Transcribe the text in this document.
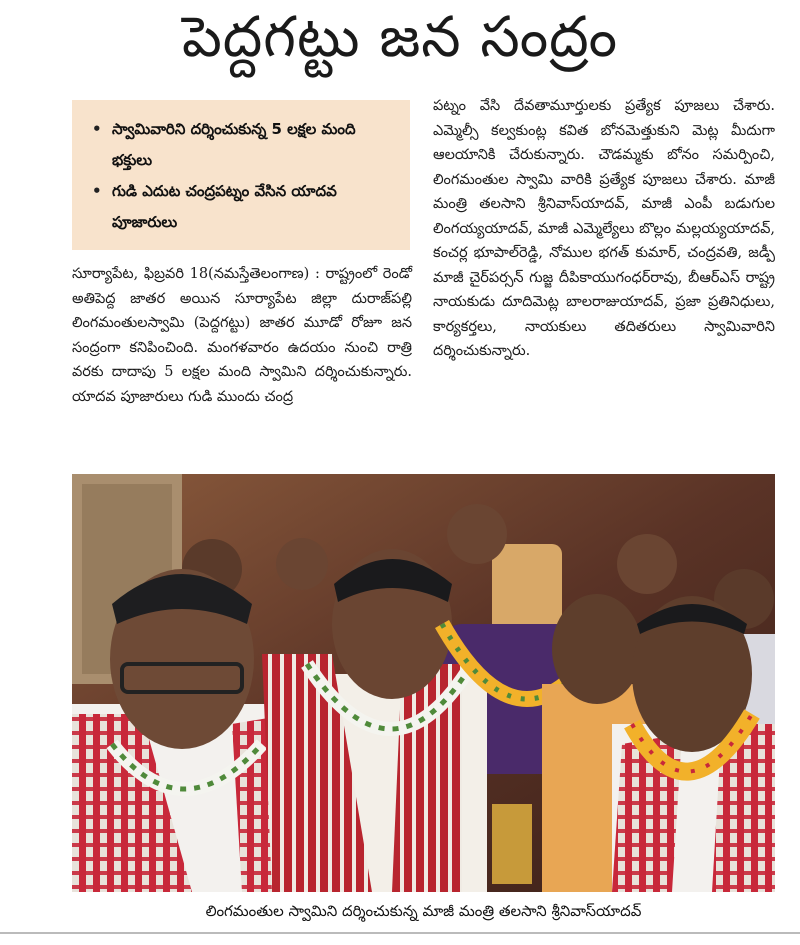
పెద్దగట్టు జన సంద్రం
• స్వామివారిని దర్శించుకున్న 5 లక్షల మంది భక్తులు
• గుడి ఎదుట చంద్రపట్నం వేసిన యాదవ పూజారులు
సూర్యాపేట, ఫిబ్రవరి 18(నమస్తేతెలంగాణ) : రాష్ట్రంలో రెండో అతిపెద్ద జాతర అయిన సూర్యాపేట జిల్లా దురాజ్‌పల్లి లింగమంతులస్వామి (పెద్దగట్టు) జాతర మూడో రోజూ జన సంద్రంగా కనిపించింది. మంగళవారం ఉదయం నుంచి రాత్రి వరకు దాదాపు 5 లక్షల మంది స్వామిని దర్శించుకున్నారు. యాదవ పూజారులు గుడి ముందు చంద్ర
పట్నం వేసి దేవతామూర్తులకు ప్రత్యేక పూజలు చేశారు. ఎమ్మెల్సీ కల్వకుంట్ల కవిత బోనమెత్తుకుని మెట్ల మీదుగా ఆలయానికి చేరుకున్నారు. చౌడమ్మకు బోనం సమర్పించి, లింగమంతుల స్వామి వారికి ప్రత్యేక పూజలు చేశారు. మాజీ మంత్రి తలసాని శ్రీనివాస్‌యాదవ్, మాజీ ఎంపీ బడుగుల లింగయ్యయాదవ్, మాజీ ఎమ్మెల్యేలు బొల్లం మల్లయ్యయాదవ్, కంచర్ల భూపాల్‌రెడ్డి, నోముల భగత్ కుమార్, చంద్రవతి, జడ్పీ మాజీ చైర్‌పర్సన్ గుజ్జ దీపికాయుగంధర్‌రావు, బీఆర్‌ఎస్ రాష్ట్ర నాయకుడు దూదిమెట్ల బాలరాజుయాదవ్, ప్రజా ప్రతినిధులు, కార్యకర్తలు, నాయకులు తదితరులు స్వామివారిని దర్శించుకున్నారు.
లింగమంతుల స్వామిని దర్శించుకున్న మాజీ మంత్రి తలసాని శ్రీనివాస్‌యాదవ్
